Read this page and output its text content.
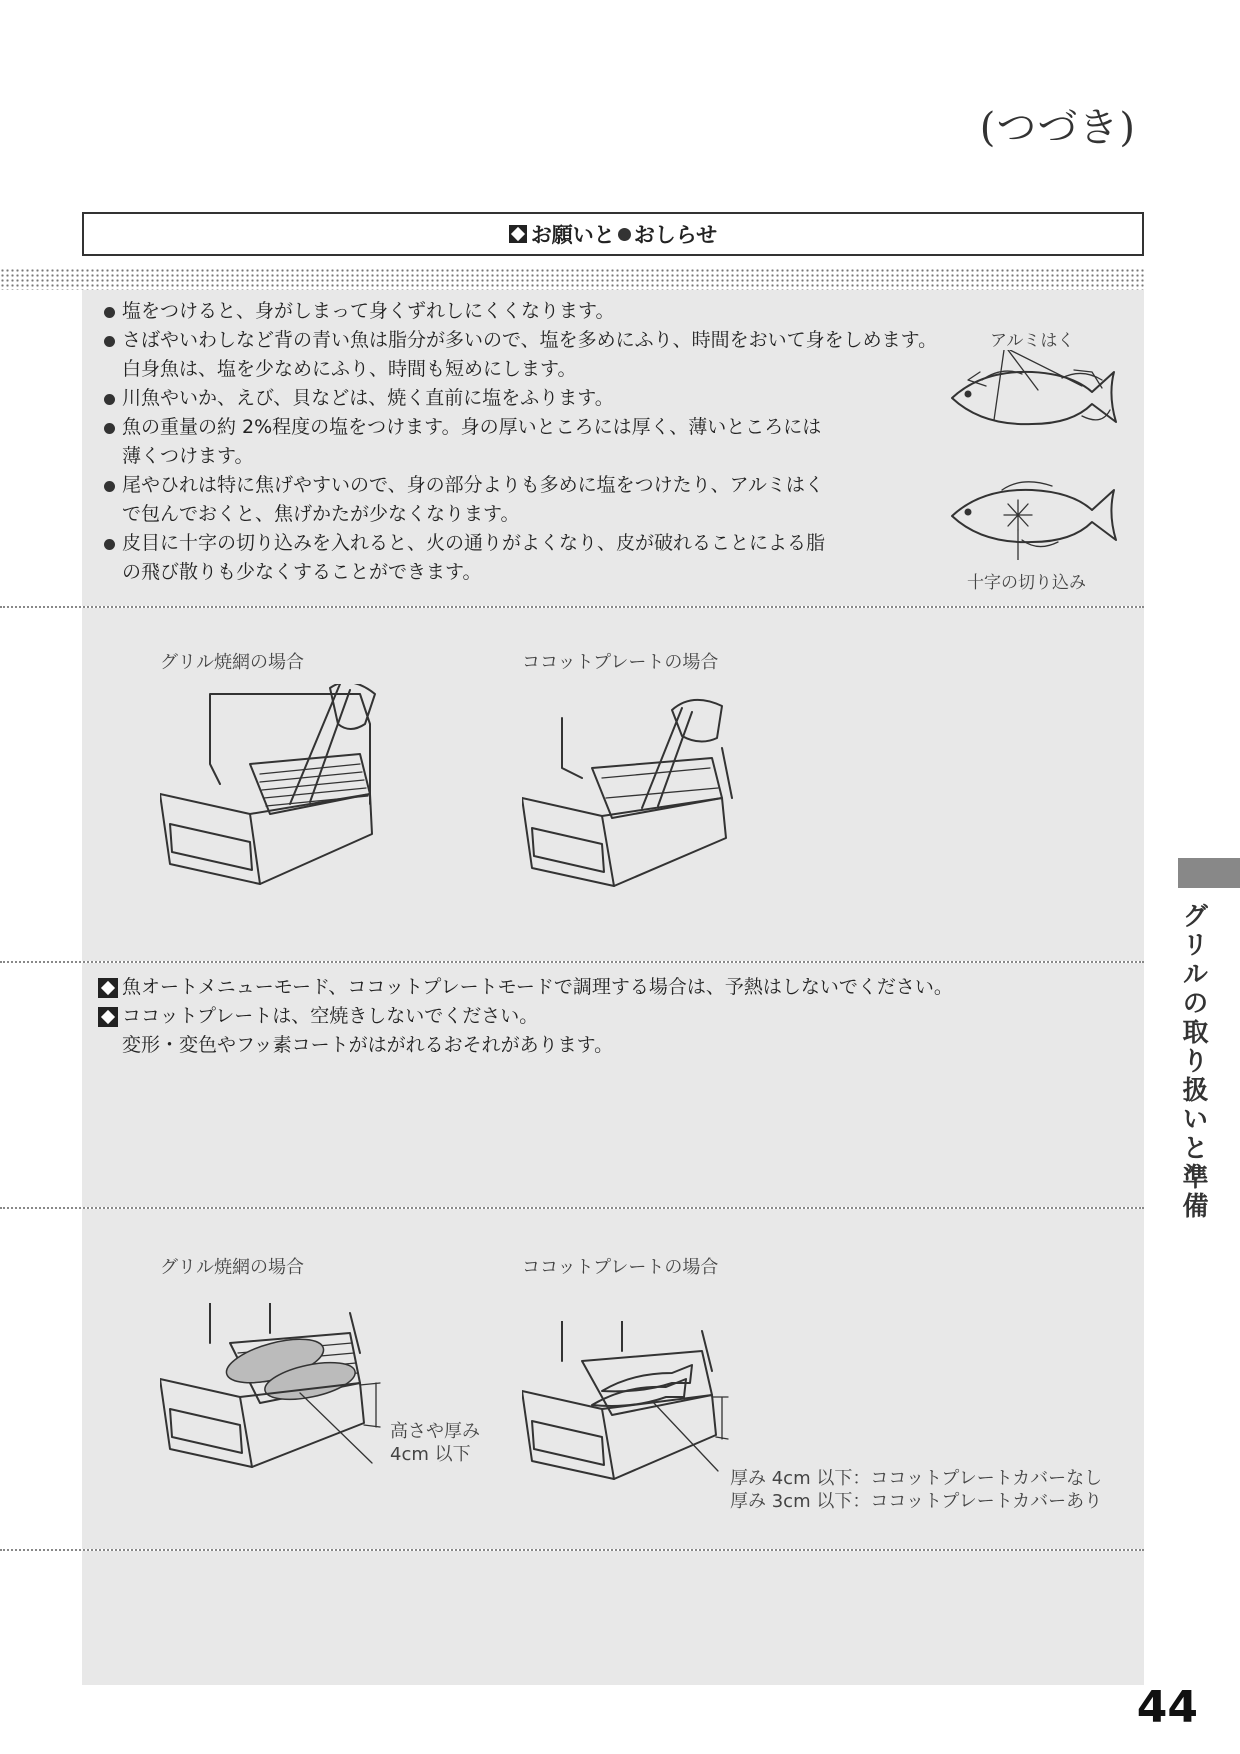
(つづき)
お願いと おしらせ
塩をつけると、身がしまって身くずれしにくくなります。
さばやいわしなど背の青い魚は脂分が多いので、塩を多めにふり、時間をおいて身をしめます。
白身魚は、塩を少なめにふり、時間も短めにします。
川魚やいか、えび、貝などは、焼く直前に塩をふります。
魚の重量の約 2%程度の塩をつけます。身の厚いところには厚く、薄いところには
薄くつけます。
尾やひれは特に焦げやすいので、身の部分よりも多めに塩をつけたり、アルミはく
で包んでおくと、焦げかたが少なくなります。
皮目に十字の切り込みを入れると、火の通りがよくなり、皮が破れることによる脂
の飛び散りも少なくすることができます。
アルミはく
十字の切り込み
グリル焼網の場合	ココットプレートの場合
魚オートメニューモード、ココットプレートモードで調理する場合は、予熱はしないでください。
ココットプレートは、空焼きしないでください。
変形・変色やフッ素コートがはがれるおそれがあります。
グリル焼網の場合	ココットプレートの場合
高さや厚み
4cm 以下
厚み 4cm 以下：ココットプレートカバーなし
厚み 3cm 以下：ココットプレートカバーあり
グリルの取り扱いと準備
44
